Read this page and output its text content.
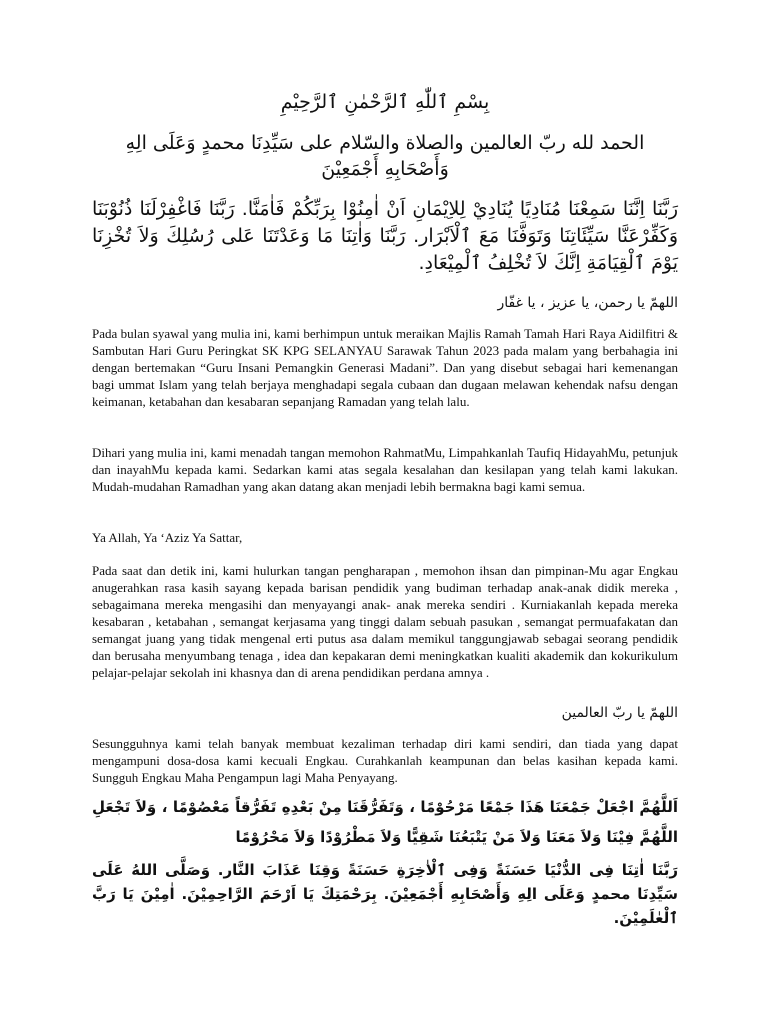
بِسْمِ ٱللّٰهِ ٱلرَّحْمٰنِ ٱلرَّحِيْمِ

الحمد لله ربّ العالمين والصلاة والسّلام على سَيِّدِنَا محمدٍ وَعَلَى الِهِ وَأَصْحَابِهِ أَجْمَعِيْنَ

رَبَّنَا اِنَّنَا سَمِعْنَا مُنَادِيًا يُنَادِيْ لِلاِيْمَانِ اَنْ اٰمِنُوْا بِرَبِّكُمْ فَاٰمَنَّا. رَبَّنَا فَاغْفِرْلَنَا ذُنُوْبَنَا وَكَفِّرْعَنَّا سَيِّئَاتِنَا وَتَوَفَّنَا مَعَ ٱلْاَبْرَار. رَبَّنَا وَاٰتِنَا مَا وَعَدْتَنَا عَلى رُسُلِكَ وَلاَ تُخْزِنَا يَوْمَ ٱلْقِيَامَةِ اِنَّكَ لاَ تُخْلِفُ ٱلْمِيْعَادِ.

اللهمّ يا رحمن، يا عزيز ، يا غفّار

Pada bulan syawal yang mulia ini, kami berhimpun untuk meraikan Majlis Ramah Tamah Hari Raya Aidilfitri & Sambutan Hari Guru Peringkat SK KPG SELANYAU Sarawak Tahun 2023 pada malam yang berbahagia ini dengan bertemakan “Guru Insani Pemangkin Generasi Madani”. Dan yang disebut sebagai hari kemenangan bagi ummat Islam yang telah berjaya menghadapi segala cubaan dan dugaan melawan kehendak nafsu dengan keimanan, ketabahan dan kesabaran sepanjang Ramadan yang telah lalu.

Dihari yang mulia ini, kami menadah tangan memohon RahmatMu, Limpahkanlah Taufiq HidayahMu, petunjuk dan inayahMu kepada kami. Sedarkan kami atas segala kesalahan dan kesilapan yang telah kami lakukan. Mudah-mudahan Ramadhan yang akan datang akan menjadi lebih bermakna bagi kami semua.

Ya Allah, Ya ‘Aziz Ya Sattar,

Pada saat dan detik ini, kami hulurkan tangan pengharapan , memohon ihsan dan pimpinan-Mu agar Engkau anugerahkan rasa kasih sayang kepada barisan pendidik yang budiman terhadap anak-anak didik mereka , sebagaimana mereka mengasihi dan menyayangi anak- anak mereka sendiri . Kurniakanlah kepada mereka kesabaran , ketabahan , semangat kerjasama yang tinggi dalam sebuah pasukan , semangat permuafakatan dan semangat juang yang tidak mengenal erti putus asa dalam memikul tanggungjawab sebagai seorang pendidik dan berusaha menyumbang tenaga , idea dan kepakaran demi meningkatkan kualiti akademik dan kokurikulum pelajar-pelajar sekolah ini khasnya dan di arena pendidikan perdana amnya .

اللهمّ يا ربّ العالمين

Sesungguhnya kami telah banyak membuat kezaliman terhadap diri kami sendiri, dan tiada yang dapat mengampuni dosa-dosa kami kecuali Engkau. Curahkanlah keampunan dan belas kasihan kepada kami. Sungguh Engkau Maha Pengampun lagi Maha Penyayang.

اَللَّهُمَّ اجْعَلْ جَمْعَنَا هَذَا جَمْعًا مَرْحُوْمًا ، وَتَفَرُّقَنَا مِنْ بَعْدِهِ تَفَرُّقاً مَعْصُوْمًا ، وَلاَ تَجْعَلِ اللَّهُمَّ فِيْنَا وَلاَ مَعَنَا وَلاَ مَنْ يَتْبَعُنَا شَقِيًّا وَلاَ مَطْرُوْدًا وَلاَ مَحْرُوْمًا

رَبَّنَا اٰتِنَا فِى الدُّنْيَا حَسَنَةً وَفِى ٱلْاٰخِرَةِ حَسَنَةً وَقِنَا عَذَابَ النَّار. وَصَلَّى اللهُ عَلَى سَيِّدِنَا محمدٍ وَعَلَى الِهِ وَأَصْحَابِهِ أَجْمَعِيْنَ. بِرَحْمَتِكَ يَا اَرْحَمَ الرَّاحِمِيْنَ. اٰمِيْنَ يَا رَبَّ ٱلْعٰلَمِيْنَ.
